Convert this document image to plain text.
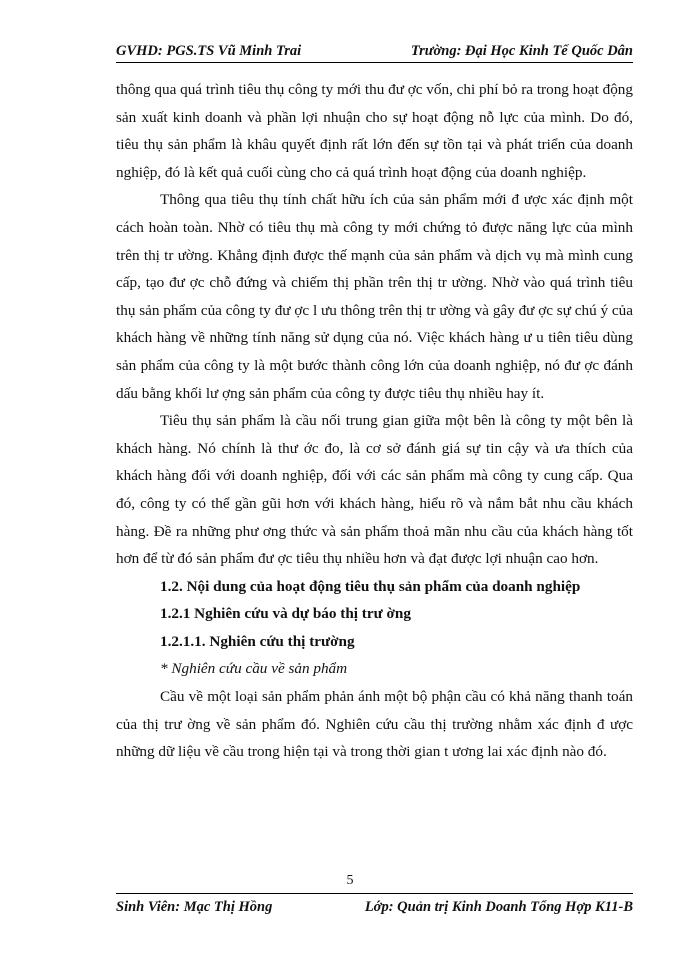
GVHD: PGS.TS Vũ Minh Trai	Trường: Đại Học Kinh Tế Quốc Dân

thông qua quá trình tiêu thụ công ty mới thu đư ợc vốn, chi phí bỏ ra trong hoạt động sản xuất kinh doanh và phần lợi nhuận cho sự hoạt động nỗ lực của mình. Do đó, tiêu thụ sản phẩm là khâu quyết định rất lớn đến sự tồn tại và phát triển của doanh nghiệp, đó là kết quả cuối cùng cho cả quá trình hoạt động của doanh nghiệp.

Thông qua tiêu thụ tính chất hữu ích của sản phẩm mới đ ược xác định một cách hoàn toàn. Nhờ có tiêu thụ mà công ty mới chứng tỏ được năng lực của mình trên thị tr ường. Khẳng định được thế mạnh của sản phẩm và dịch vụ mà mình cung cấp, tạo đư ợc chỗ đứng và chiếm thị phần trên thị tr ường. Nhờ vào quá trình tiêu thụ sản phẩm của công ty đư ợc l ưu thông trên thị tr ường và gây đư ợc sự chú ý của khách hàng về những tính năng sử dụng của nó. Việc khách hàng ư u tiên tiêu dùng sản phẩm của công ty là một bước thành công lớn của doanh nghiệp, nó đư ợc đánh dấu bằng khối lư ợng sản phẩm của công ty được tiêu thụ nhiều hay ít.

Tiêu thụ sản phẩm là cầu nối trung gian giữa một bên là công ty một bên là khách hàng. Nó chính là thư ớc đo, là cơ sở đánh giá sự tin cậy và ưa thích của khách hàng đối với doanh nghiệp, đối với các sản phẩm mà công ty cung cấp. Qua đó, công ty có thể gần gũi hơn với khách hàng, hiểu rõ và nắm bắt nhu cầu khách hàng. Đề ra những phư ơng thức và sản phẩm thoả mãn nhu cầu của khách hàng tốt hơn để từ đó sản phẩm đư ợc tiêu thụ nhiều hơn và đạt được lợi nhuận cao hơn.

1.2. Nội dung của hoạt động tiêu thụ sản phẩm của doanh nghiệp

1.2.1 Nghiên cứu và dự báo thị trư ờng

1.2.1.1. Nghiên cứu thị trường

* Nghiên cứu cầu về sản phẩm

Cầu về một loại sản phẩm phản ánh một bộ phận cầu có khả năng thanh toán của thị trư ờng về sản phẩm đó. Nghiên cứu cầu thị trường nhằm xác định đ ược những dữ liệu về cầu trong hiện tại và trong thời gian t ương lai xác định nào đó.

5
Sinh Viên: Mạc Thị Hồng	Lớp: Quản trị Kinh Doanh Tổng Hợp K11-B
